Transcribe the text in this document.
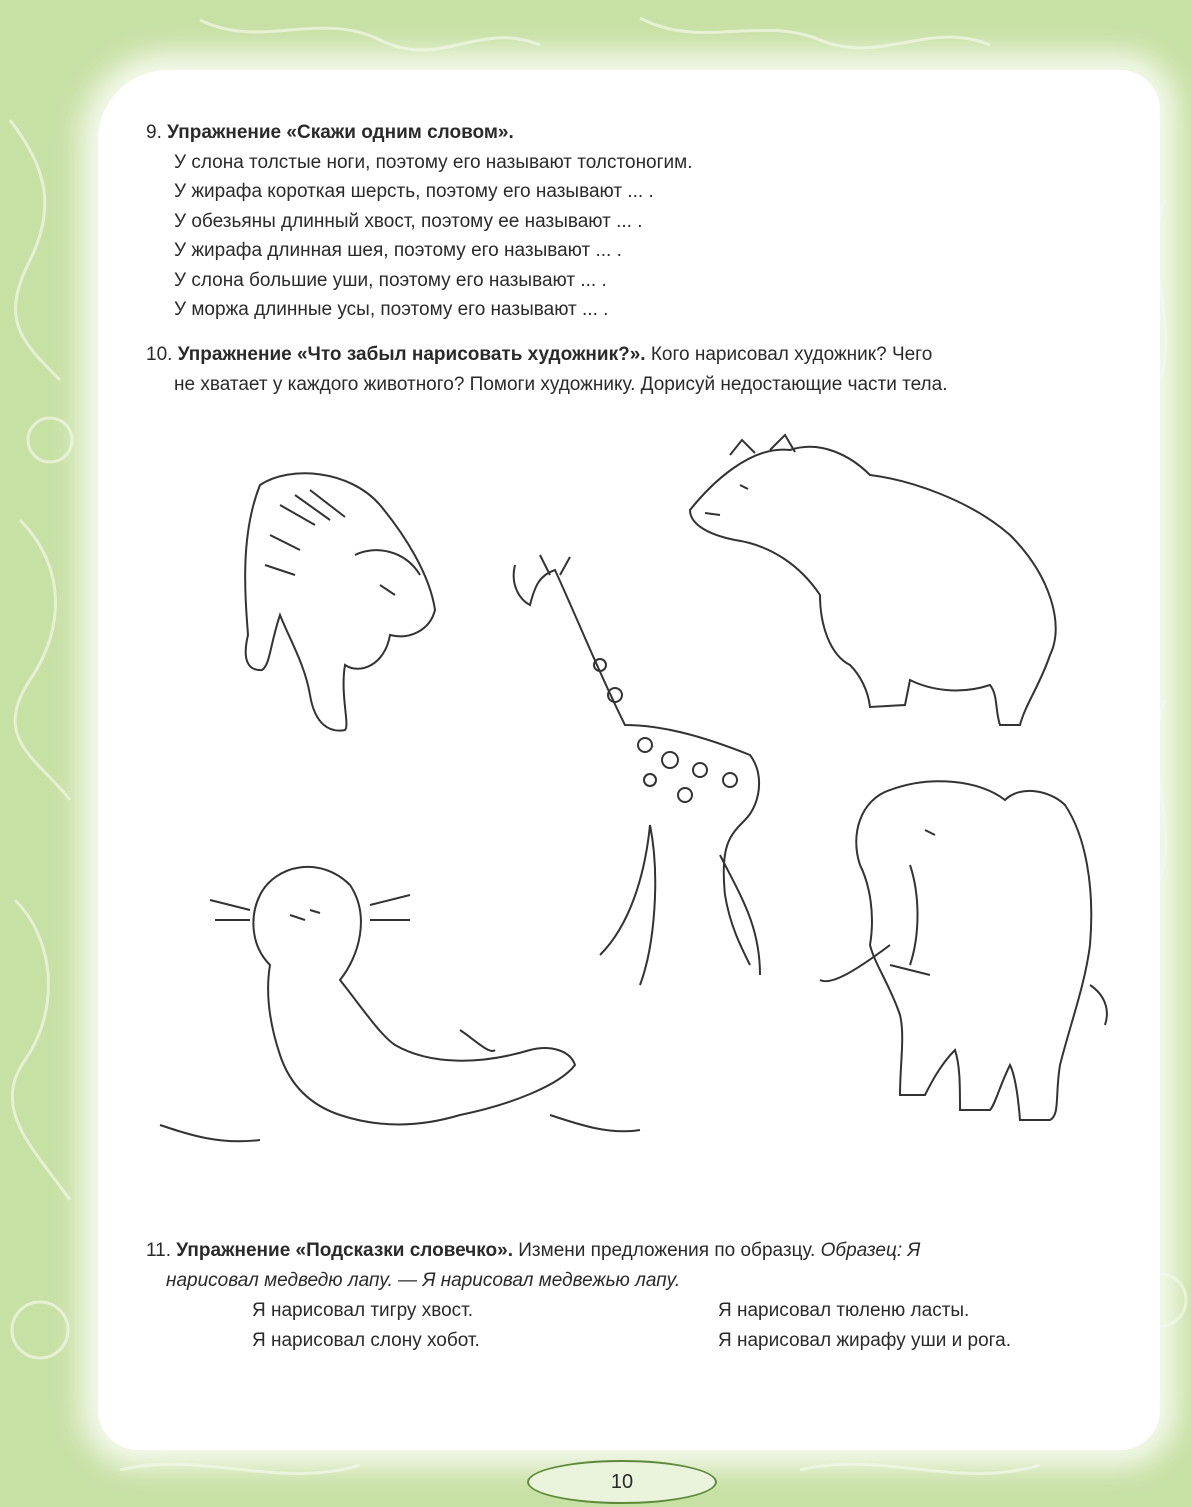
9. Упражнение «Скажи одним словом».
У слона толстые ноги, поэтому его называют толстоногим.
У жирафа короткая шерсть, поэтому его называют ... .
У обезьяны длинный хвост, поэтому ее называют ... .
У жирафа длинная шея, поэтому его называют ... .
У слона большие уши, поэтому его называют ... .
У моржа длинные усы, поэтому его называют ... .
10. Упражнение «Что забыл нарисовать художник?». Кого нарисовал художник? Чего
не хватает у каждого животного? Помоги художнику. Дорисуй недостающие части тела.
11. Упражнение «Подсказки словечко». Измени предложения по образцу. Образец: Я
нарисовал медведю лапу. — Я нарисовал медвежью лапу.
Я нарисовал тигру хвост.
Я нарисовал слону хобот.
Я нарисовал тюленю ласты.
Я нарисовал жирафу уши и рога.
10
